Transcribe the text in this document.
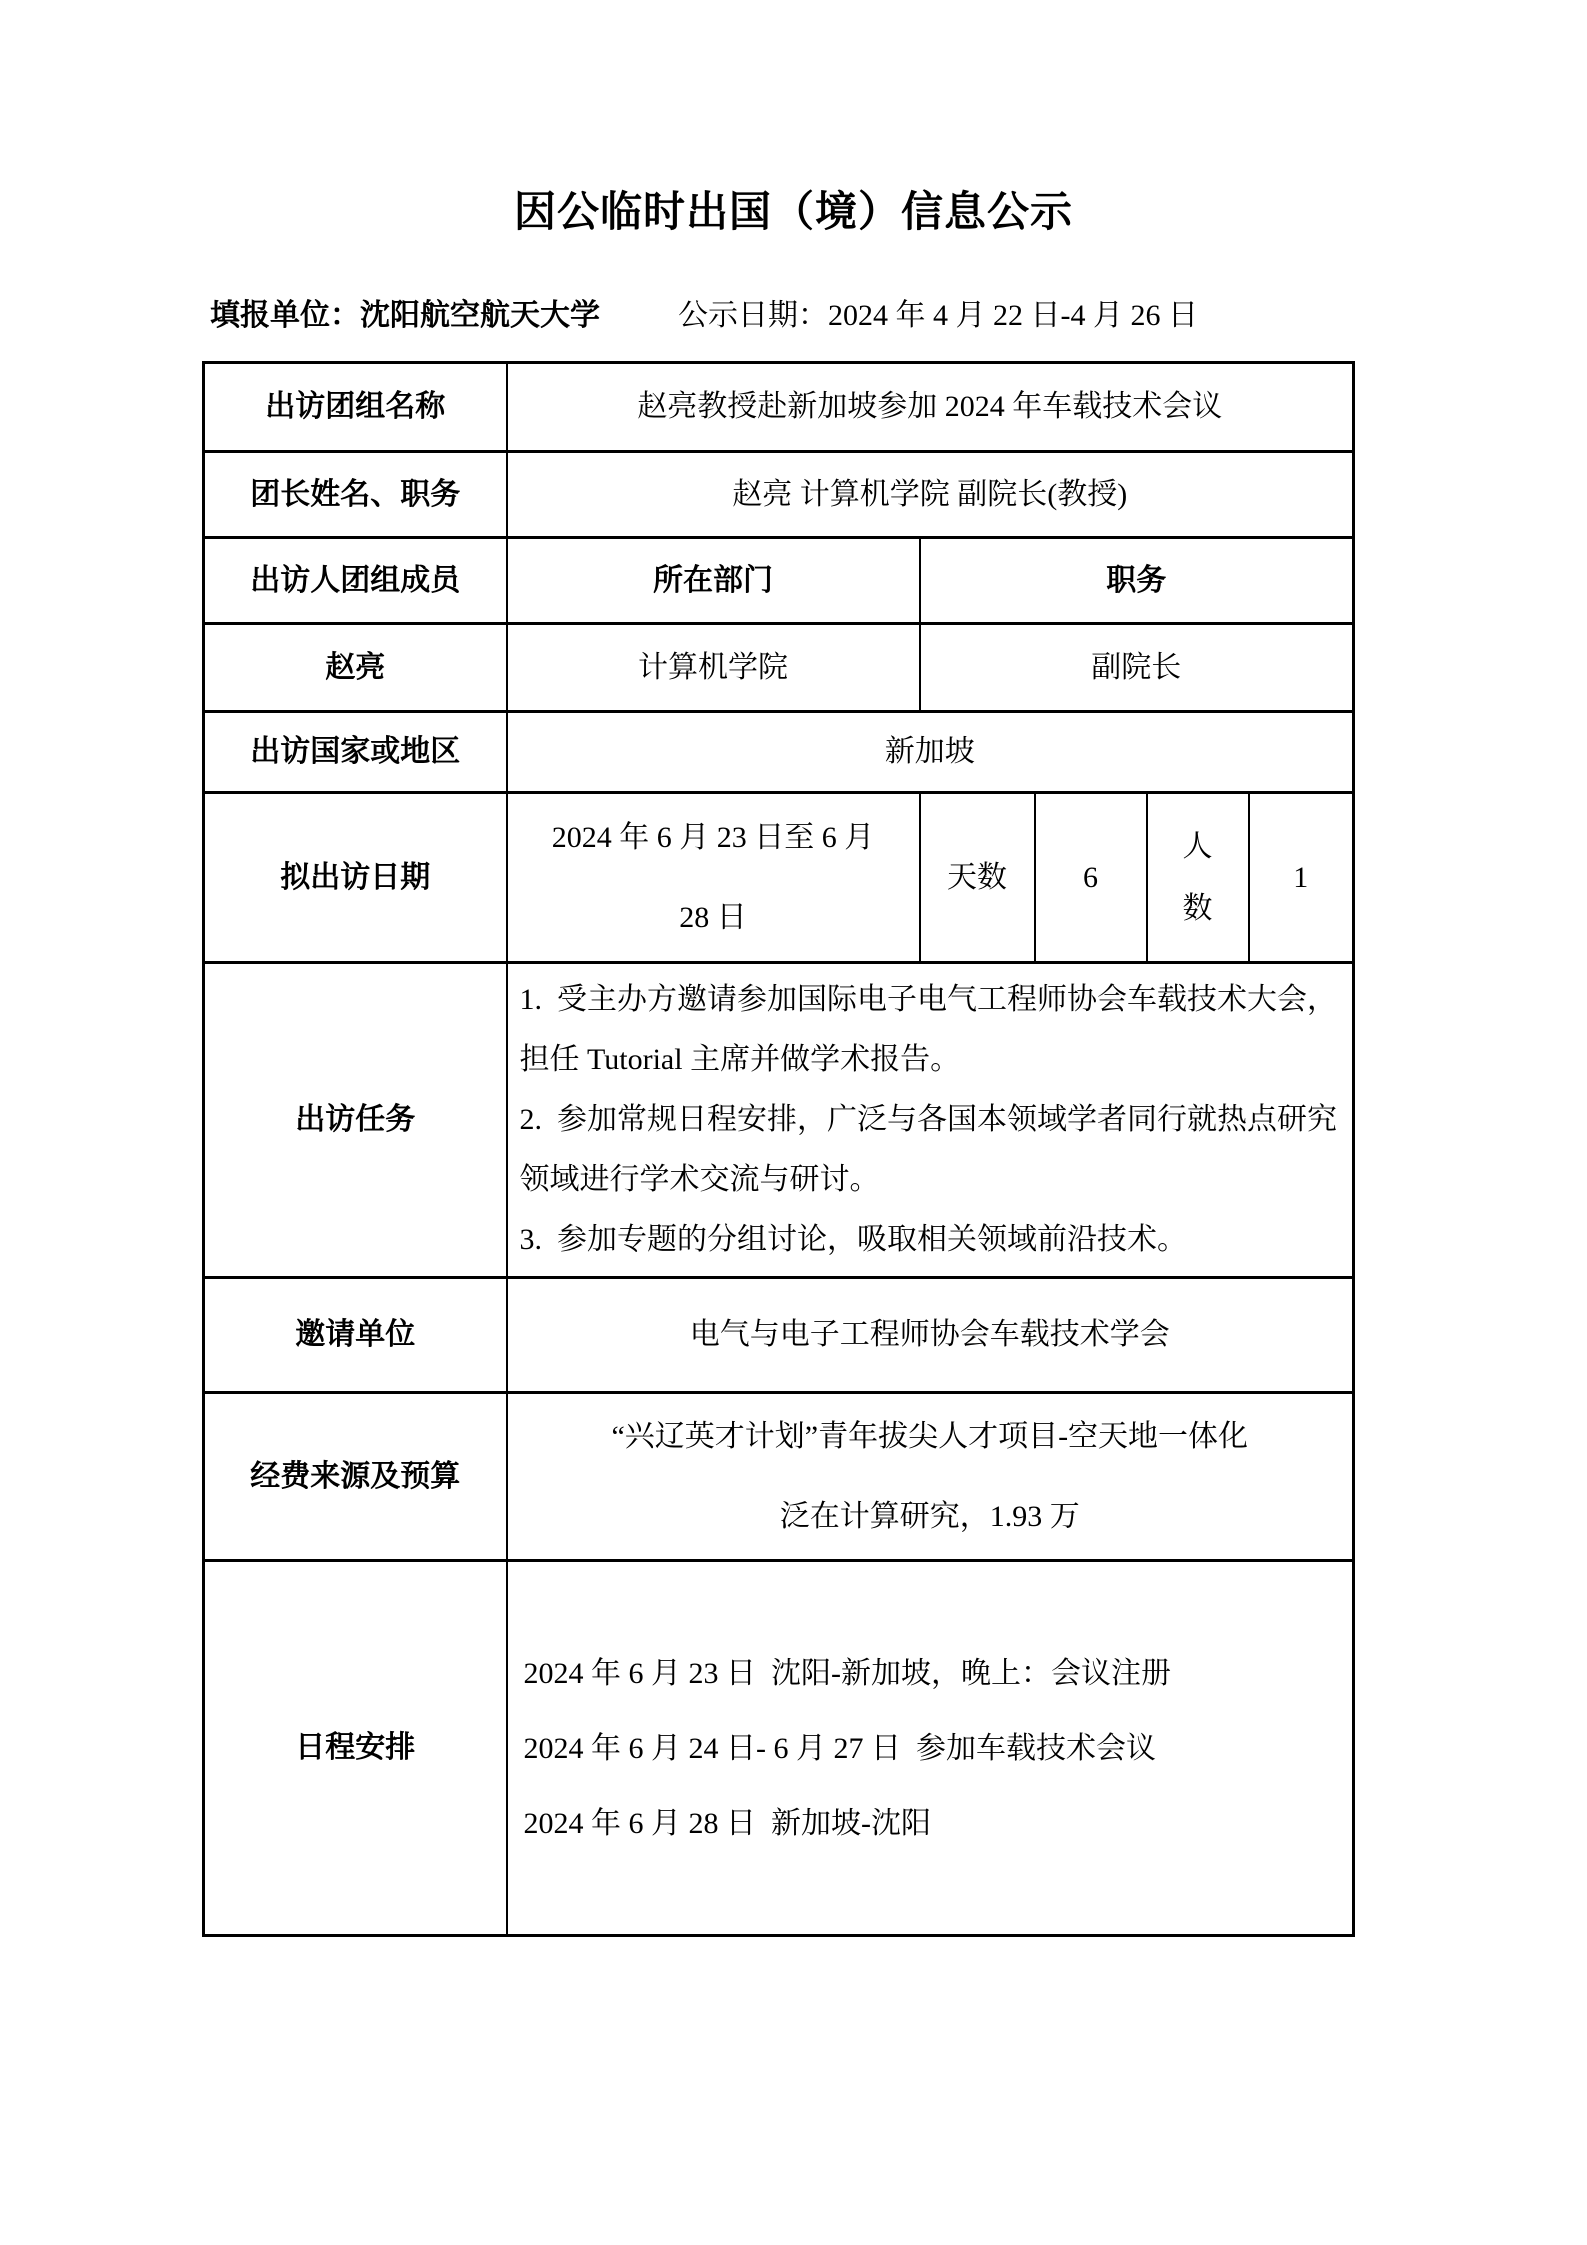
因公临时出国（境）信息公示
填报单位：沈阳航空航天大学	公示日期：2024 年 4 月 22 日-4 月 26 日
出访团组名称	赵亮教授赴新加坡参加 2024 年车载技术会议				
团长姓名、职务	赵亮 计算机学院 副院长(教授)				
出访人团组成员	所在部门	职务			
赵亮	计算机学院	副院长			
出访国家或地区	新加坡				
拟出访日期	2024 年 6 月 23 日至 6 月 28 日	天数	6	人数	1
出访任务	1.  受主办方邀请参加国际电子电气工程师协会车载技术大会，担任 Tutorial 主席并做学术报告。
2.  参加常规日程安排，广泛与各国本领域学者同行就热点研究领域进行学术交流与研讨。
3.  参加专题的分组讨论，吸取相关领域前沿技术。				

邀请单位	电气与电子工程师协会车载技术学会				
经费来源及预算	“兴辽英才计划”青年拔尖人才项目-空天地一体化泛在计算研究，1.93 万				
日程安排	2024 年 6 月 23 日  沈阳-新加坡，晚上：会议注册
2024 年 6 月 24 日- 6 月 27 日  参加车载技术会议
2024 年 6 月 28 日  新加坡-沈阳				
